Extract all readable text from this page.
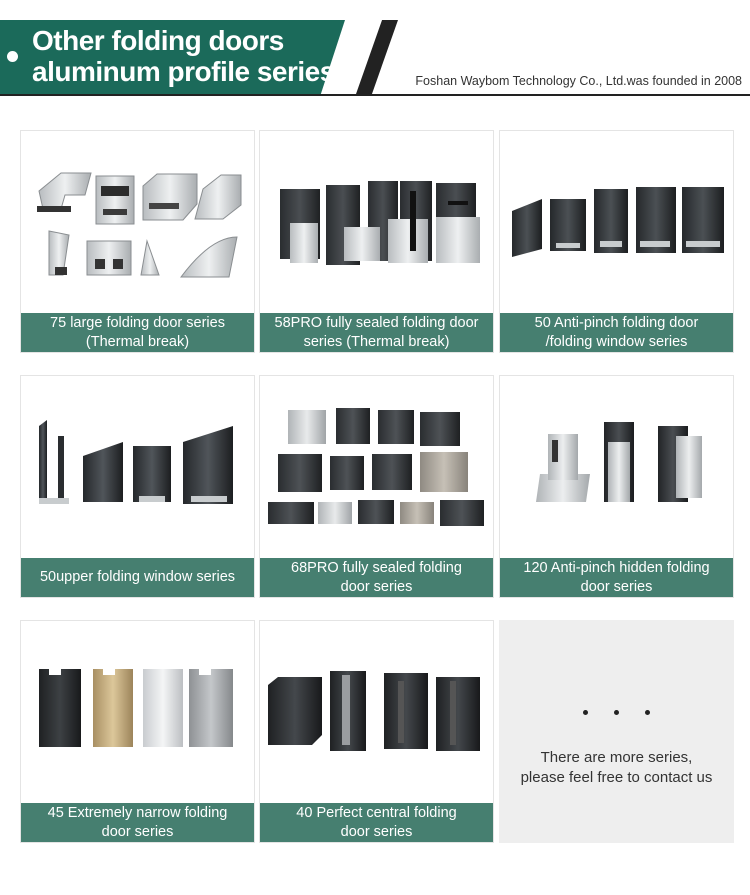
Other folding doors
aluminum profile series	Foshan Waybom Technology Co., Ltd.was founded in 2008
75 large folding door series
(Thermal break)
58PRO fully sealed folding door
series (Thermal break)
50 Anti-pinch folding door
/folding window series
50upper folding window series
68PRO fully sealed folding
door series
120 Anti-pinch hidden folding
door series
45 Extremely narrow folding
door series
40 Perfect central folding
door series
There are more series,
please feel free to contact us
